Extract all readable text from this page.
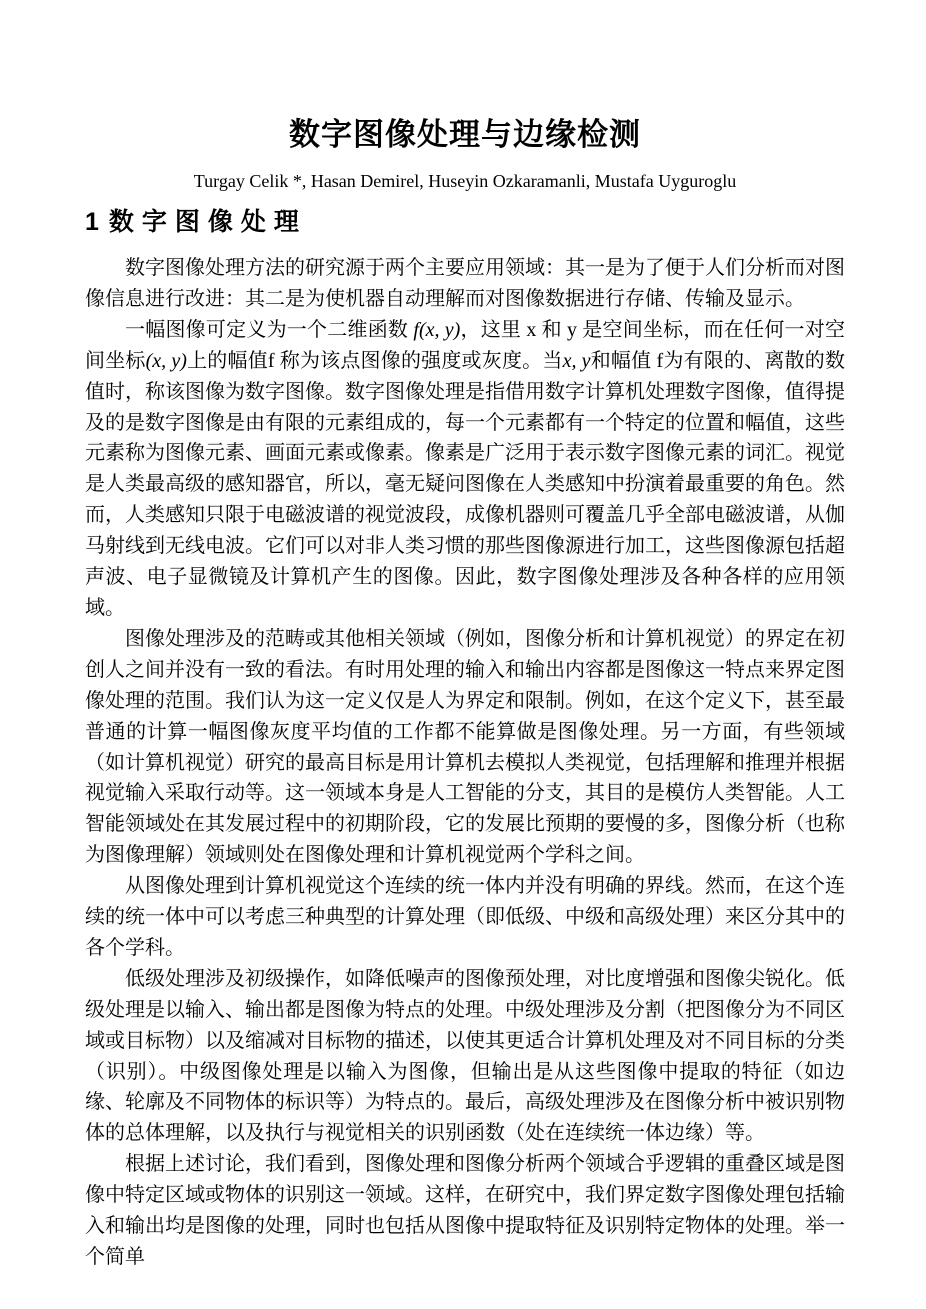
数字图像处理与边缘检测
Turgay Celik *, Hasan Demirel, Huseyin Ozkaramanli, Mustafa Uyguroglu
1 数字图像处理

数字图像处理方法的研究源于两个主要应用领域：其一是为了便于人们分析而对图像信息进行改进：其二是为使机器自动理解而对图像数据进行存储、传输及显示。

一幅图像可定义为一个二维函数 f(x, y)，这里 x 和 y 是空间坐标，而在任何一对空间坐标(x, y)上的幅值f 称为该点图像的强度或灰度。当x, y和幅值 f为有限的、离散的数值时，称该图像为数字图像。数字图像处理是指借用数字计算机处理数字图像，值得提及的是数字图像是由有限的元素组成的，每一个元素都有一个特定的位置和幅值，这些元素称为图像元素、画面元素或像素。像素是广泛用于表示数字图像元素的词汇。视觉是人类最高级的感知器官，所以，毫无疑问图像在人类感知中扮演着最重要的角色。然而，人类感知只限于电磁波谱的视觉波段，成像机器则可覆盖几乎全部电磁波谱，从伽马射线到无线电波。它们可以对非人类习惯的那些图像源进行加工，这些图像源包括超声波、电子显微镜及计算机产生的图像。因此，数字图像处理涉及各种各样的应用领域。

图像处理涉及的范畴或其他相关领域（例如，图像分析和计算机视觉）的界定在初创人之间并没有一致的看法。有时用处理的输入和输出内容都是图像这一特点来界定图像处理的范围。我们认为这一定义仅是人为界定和限制。例如，在这个定义下，甚至最普通的计算一幅图像灰度平均值的工作都不能算做是图像处理。另一方面，有些领域（如计算机视觉）研究的最高目标是用计算机去模拟人类视觉，包括理解和推理并根据视觉输入采取行动等。这一领域本身是人工智能的分支，其目的是模仿人类智能。人工智能领域处在其发展过程中的初期阶段，它的发展比预期的要慢的多，图像分析（也称为图像理解）领域则处在图像处理和计算机视觉两个学科之间。

从图像处理到计算机视觉这个连续的统一体内并没有明确的界线。然而，在这个连续的统一体中可以考虑三种典型的计算处理（即低级、中级和高级处理）来区分其中的各个学科。

低级处理涉及初级操作，如降低噪声的图像预处理，对比度增强和图像尖锐化。低级处理是以输入、输出都是图像为特点的处理。中级处理涉及分割（把图像分为不同区域或目标物）以及缩减对目标物的描述，以使其更适合计算机处理及对不同目标的分类（识别）。中级图像处理是以输入为图像，但输出是从这些图像中提取的特征（如边缘、轮廓及不同物体的标识等）为特点的。最后，高级处理涉及在图像分析中被识别物体的总体理解，以及执行与视觉相关的识别函数（处在连续统一体边缘）等。

根据上述讨论，我们看到，图像处理和图像分析两个领域合乎逻辑的重叠区域是图像中特定区域或物体的识别这一领域。这样，在研究中，我们界定数字图像处理包括输入和输出均是图像的处理，同时也包括从图像中提取特征及识别特定物体的处理。举一个简单
